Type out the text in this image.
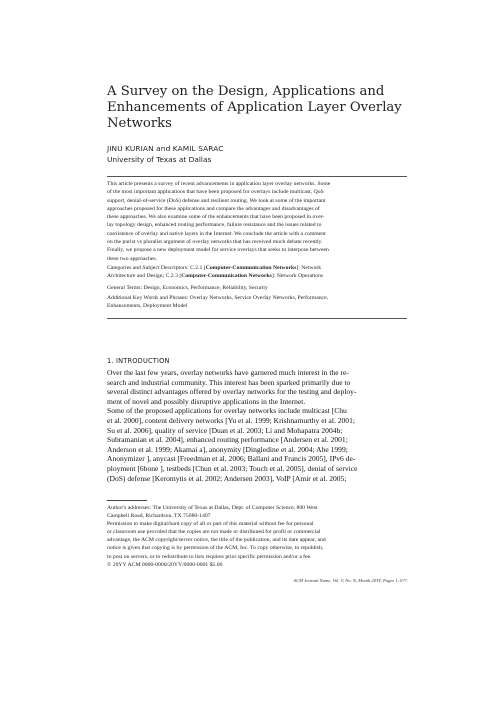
A Survey on the Design, Applications and
Enhancements of Application Layer Overlay
Networks
JINU KURIAN and KAMIL SARAC
University of Texas at Dallas
This article presents a survey of recent advancements in application layer overlay networks. Some
of the most important applications that have been proposed for overlays include multicast, QoS
support, denial-of-service (DoS) defense and resilient routing. We look at some of the important
approaches proposed for these applications and compare the advantages and disadvantages of
these approaches. We also examine some of the enhancements that have been proposed in over-
lay topology design, enhanced routing performance, failure resistance and the issues related to
coexistence of overlay and native layers in the Internet. We conclude the article with a comment
on the purist vs pluralist argument of overlay networks that has received much debate recently.
Finally, we propose a new deployment model for service overlays that seeks to interpose between
these two approaches.
Categories and Subject Descriptors: C.2.1 [Computer-Communication Networks]: Network
Architecture and Design; C.2.3 [Computer-Communication Networks]: Network Operations
General Terms: Design, Economics, Performance, Reliability, Security
Additional Key Words and Phrases: Overlay Networks, Service Overlay Networks, Performance,
Enhancements, Deployment Model
1. INTRODUCTION
Over the last few years, overlay networks have garnered much interest in the re-
search and industrial community. This interest has been sparked primarily due to
several distinct advantages offered by overlay networks for the testing and deploy-
ment of novel and possibly disruptive applications in the Internet.
Some of the proposed applications for overlay networks include multicast [Chu
et al. 2000], content delivery networks [Yu et al. 1999; Krishnamurthy et al. 2001;
Su et al. 2006], quality of service [Duan et al. 2003; Li and Mohapatra 2004b;
Subramanian et al. 2004], enhanced routing performance [Andersen et al. 2001;
Anderson et al. 1999; Akamai a], anonymity [Dingledine et al. 2004; Abe 1999;
Anonymizer ], anycast [Freedman et al. 2006; Ballani and Francis 2005], IPv6 de-
ployment [6bone ], testbeds [Chun et al. 2003; Touch et al. 2005], denial of service
(DoS) defense [Keromytis et al. 2002; Andersen 2003], VoIP [Amir et al. 2005;
Author's addresses: The University of Texas at Dallas, Dept. of Computer Science, 800 West
Campbell Road, Richardson, TX 75080-1407
Permission to make digital/hard copy of all or part of this material without fee for personal
or classroom use provided that the copies are not made or distributed for profit or commercial
advantage, the ACM copyright/server notice, the title of the publication, and its date appear, and
notice is given that copying is by permission of the ACM, Inc. To copy otherwise, to republish,
to post on servers, or to redistribute to lists requires prior specific permission and/or a fee.
© 20YY ACM 0000-0000/20YY/0000-0001 $5.00
ACM Journal Name, Vol. V, No. N, Month 20YY, Pages 1–0??.
